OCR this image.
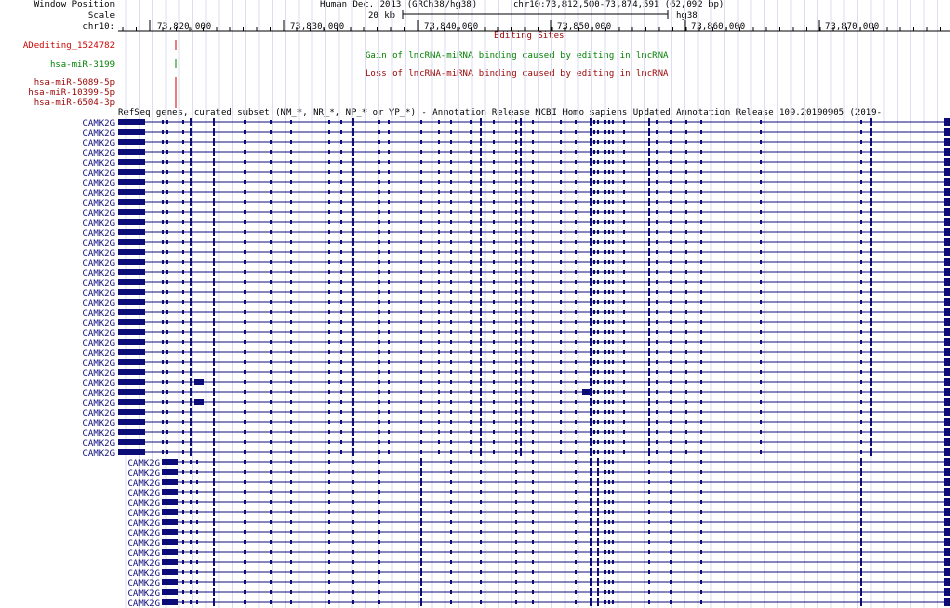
Window Position
Scale
chr10:
Human Dec. 2013 (GRCh38/hg38)	chr10:73,812,500-73,874,591 (62,092 bp)
20 kb	hg38
73,820,000	73,830,000	73,840,000	73,850,000	73,860,000	73,870,000
Editing Sites
ADediting_1524782
Gain of lncRNA-miRNA binding caused by editing in lncRNA
hsa-miR-3199
Loss of lncRNA-miRNA binding caused by editing in lncRNA
hsa-miR-5089-5p
hsa-miR-10399-5p
hsa-miR-6504-3p
RefSeq genes, curated subset (NM_*, NR_*, NP_* or YP_*) - Annotation Release NCBI Homo sapiens Updated Annotation Release 109.20190905 (2019-
CAMK2G
CAMK2G
CAMK2G
CAMK2G
CAMK2G
CAMK2G
CAMK2G
CAMK2G
CAMK2G
CAMK2G
CAMK2G
CAMK2G
CAMK2G
CAMK2G
CAMK2G
CAMK2G
CAMK2G
CAMK2G
CAMK2G
CAMK2G
CAMK2G
CAMK2G
CAMK2G
CAMK2G
CAMK2G
CAMK2G
CAMK2G
CAMK2G
CAMK2G
CAMK2G
CAMK2G
CAMK2G
CAMK2G
CAMK2G
CAMK2G
CAMK2G
CAMK2G
CAMK2G
CAMK2G
CAMK2G
CAMK2G
CAMK2G
CAMK2G
CAMK2G
CAMK2G
CAMK2G
CAMK2G
CAMK2G
CAMK2G
